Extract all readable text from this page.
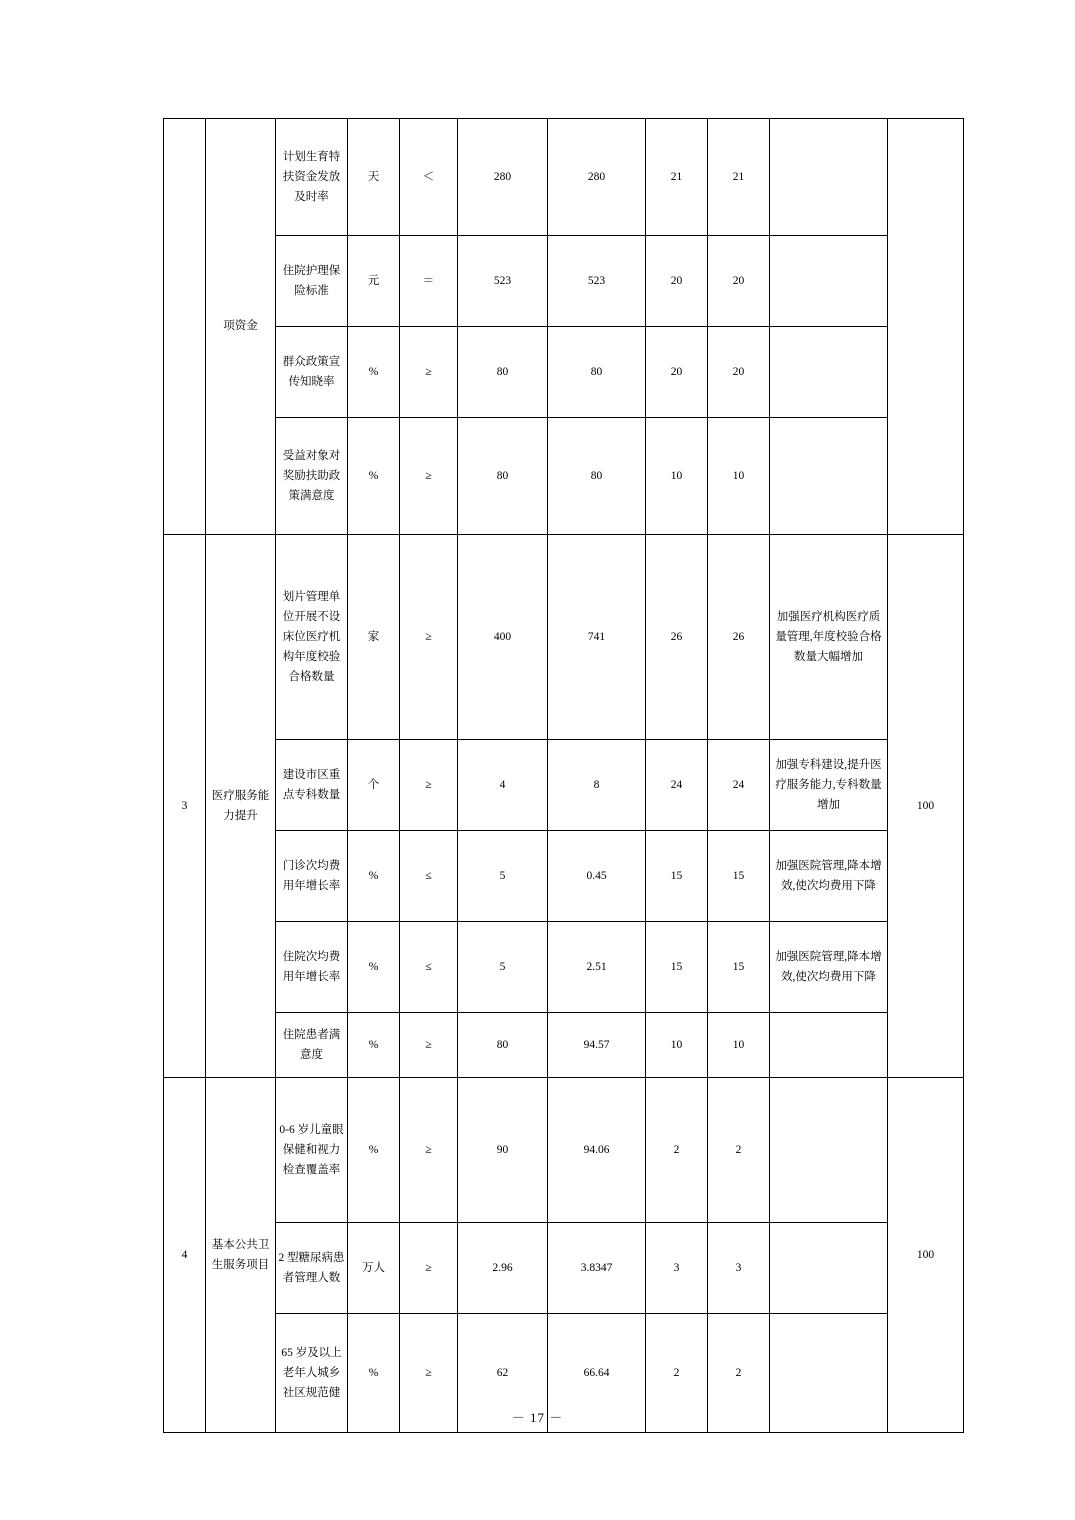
	项资金	计划生育特扶资金发放及时率	天	＜	280	280	21	21		
		住院护理保险标准	元	＝	523	523	20	20		
		群众政策宣传知晓率	%	≥	80	80	20	20		
		受益对象对奖励扶助政策满意度	%	≥	80	80	10	10		
3	医疗服务能力提升	划片管理单位开展不设床位医疗机构年度校验合格数量	家	≥	400	741	26	26	加强医疗机构医疗质量管理,年度校验合格数量大幅增加	100
		建设市区重点专科数量	个	≥	4	8	24	24	加强专科建设,提升医疗服务能力,专科数量增加	
		门诊次均费用年增长率	%	≤	5	0.45	15	15	加强医院管理,降本增效,使次均费用下降	
		住院次均费用年增长率	%	≤	5	2.51	15	15	加强医院管理,降本增效,使次均费用下降	
		住院患者满意度	%	≥	80	94.57	10	10		
4	基本公共卫生服务项目	0-6 岁儿童眼保健和视力检查覆盖率	%	≥	90	94.06	2	2		100
		2 型糖尿病患者管理人数	万人	≥	2.96	3.8347	3	3		
		65 岁及以上老年人城乡社区规范健	%	≥	62	66.64	2	2		
－ 17 －
